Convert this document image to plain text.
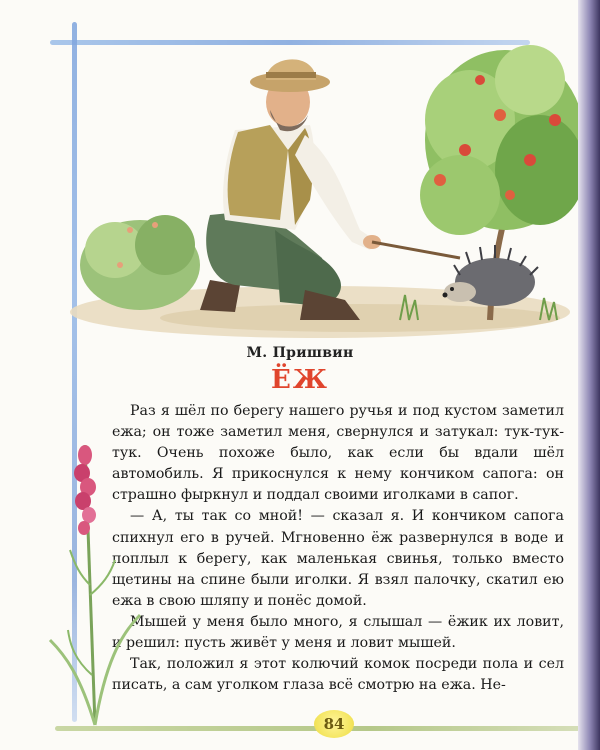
М. Пришвин
ЁЖ

Раз я шёл по берегу нашего ручья и под кустом заметил ежа; он тоже заметил меня, свернулся и затукал: тук-тук-тук. Очень похоже было, как если бы вдали шёл автомобиль. Я прикоснулся к нему кончиком сапога: он страшно фыркнул и поддал своими иголками в сапог.

— А, ты так со мной! — сказал я. И кончиком сапога спихнул его в ручей. Мгновенно ёж развернулся в воде и поплыл к берегу, как маленькая свинья, только вместо щетины на спине были иголки. Я взял палочку, скатил ею ежа в свою шляпу и понёс домой.

Мышей у меня было много, я слышал — ёжик их ловит, и решил: пусть живёт у меня и ловит мышей.

Так, положил я этот колючий комок посреди пола и сел писать, а сам уголком глаза всё смотрю на ежа. Не-

84
